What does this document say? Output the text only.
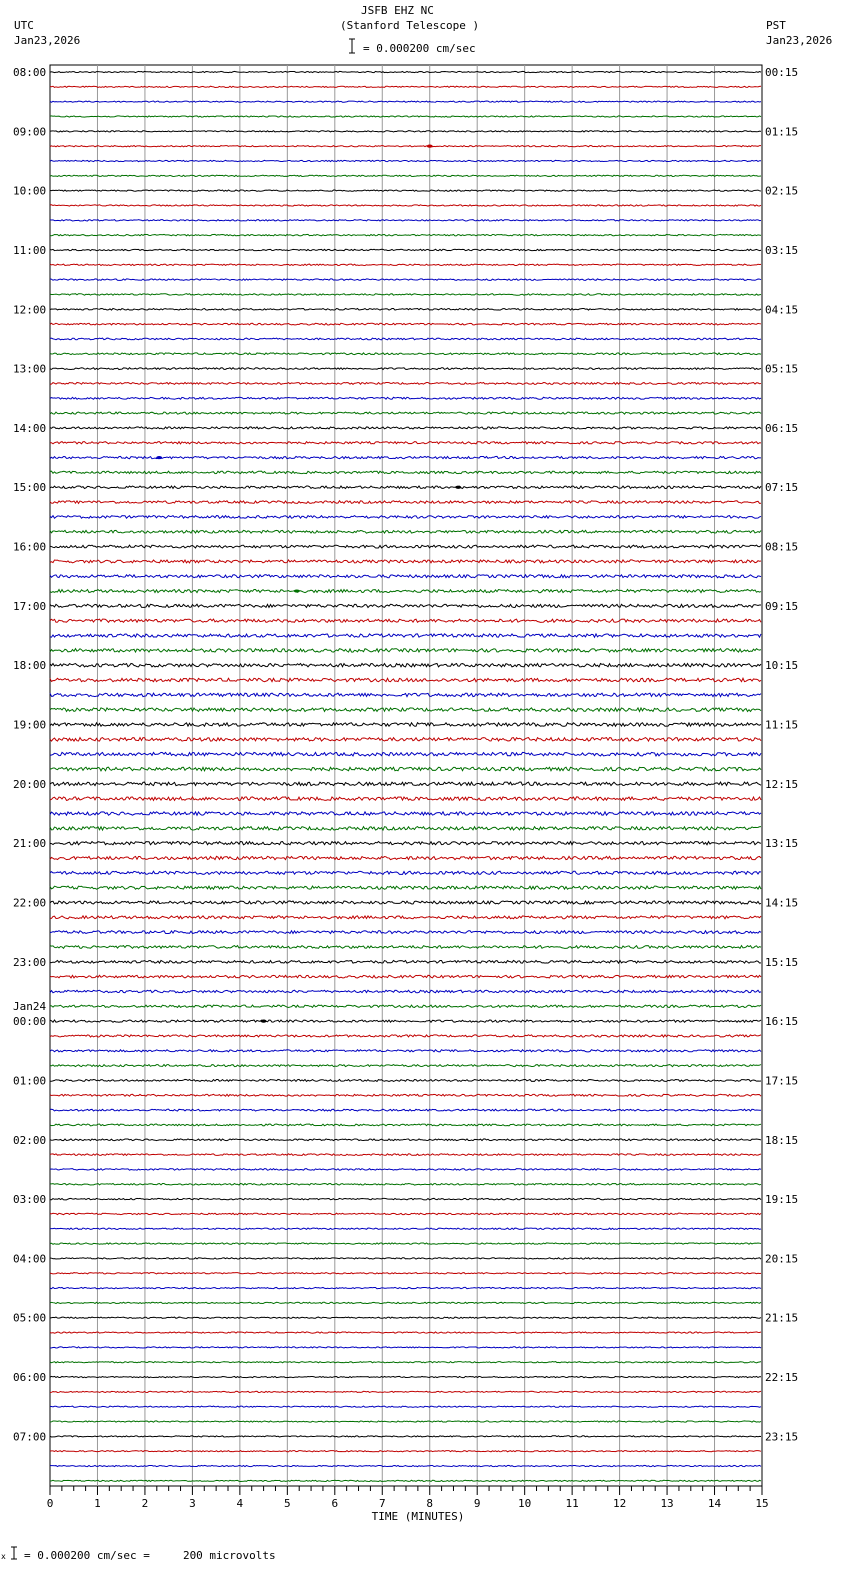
JSFB EHZ NC
(Stanford Telescope )
UTC
Jan23,2026
PST
Jan23,2026
= 0.000200 cm/sec
08:00
09:00
10:00
11:00
12:00
13:00
14:00
15:00
16:00
17:00
18:00
19:00
20:00
21:00
22:00
23:00
00:00
01:00
02:00
03:00
04:00
05:00
06:00
07:00
Jan24
00:15
01:15
02:15
03:15
04:15
05:15
06:15
07:15
08:15
09:15
10:15
11:15
12:15
13:15
14:15
15:15
16:15
17:15
18:15
19:15
20:15
21:15
22:15
23:15
0	1	2	3	4	5	6	7	8	9	10	11	12	13	14	15
TIME (MINUTES)
x = 0.000200 cm/sec =     200 microvolts
